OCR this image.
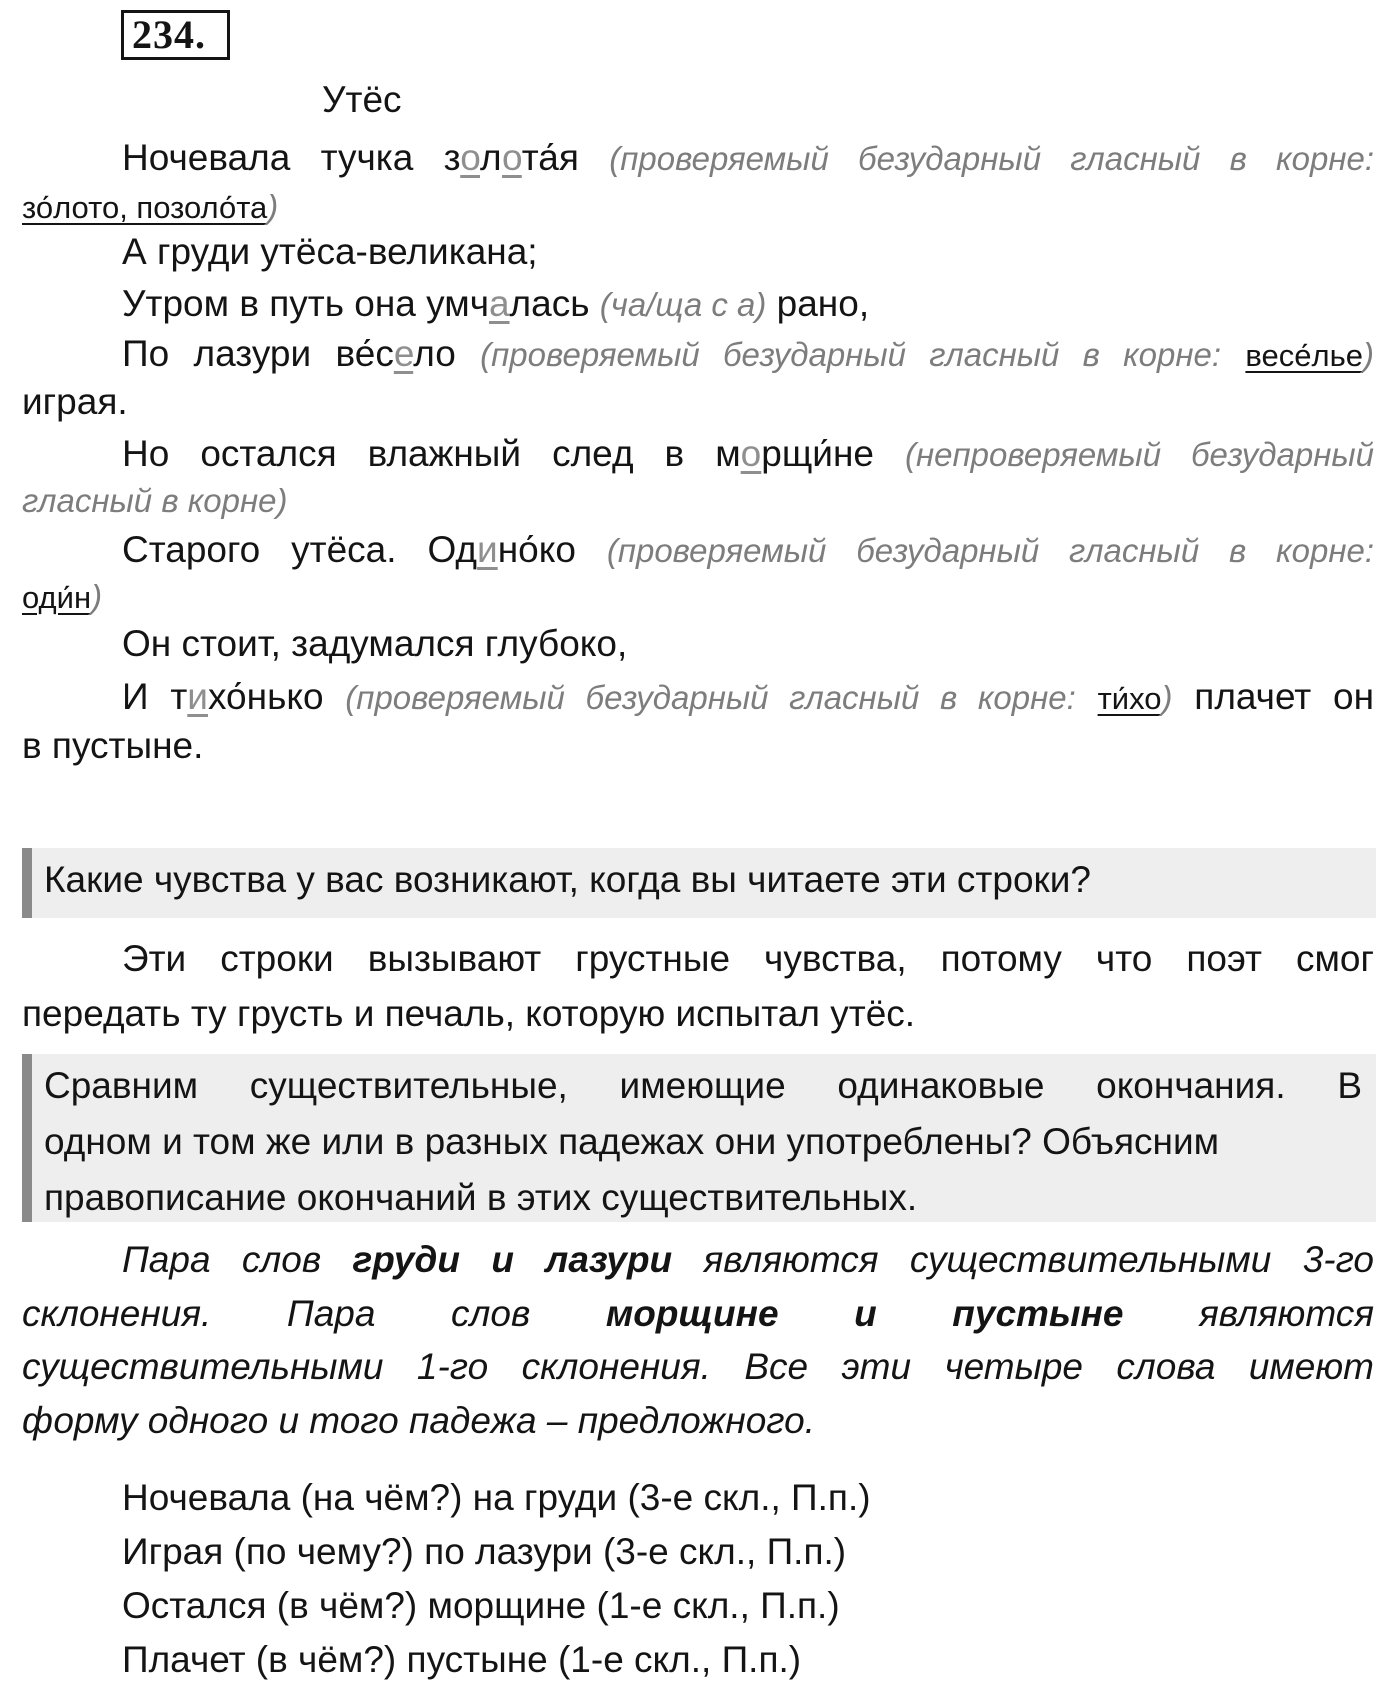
234.
Утёс
Ночевала тучка золота́я (проверяемый безударный гласный в корне:
зо́лото, позоло́та)
А груди утёса-великана;
Утром в путь она умчалась (ча/ща с а) рано,
По лазури ве́село (проверяемый безударный гласный в корне: весе́лье)
играя.
Но остался влажный след в морщи́не (непроверяемый безударный
гласный в корне)
Старого утёса. Одино́ко (проверяемый безударный гласный в корне:
оди́н)
Он стоит, задумался глубоко,
И тихо́нько (проверяемый безударный гласный в корне: ти́хо) плачет он
в пустыне.
Какие чувства у вас возникают, когда вы читаете эти строки?
Эти строки вызывают грустные чувства, потому что поэт смог
передать ту грусть и печаль, которую испытал утёс.
Сравним существительные, имеющие одинаковые окончания. В
одном и том же или в разных падежах они употреблены? Объясним
правописание окончаний в этих существительных.
Пара слов груди и лазури являются существительными 3-го
склонения. Пара слов морщине и пустыне являются
существительными 1-го склонения. Все эти четыре слова имеют
форму одного и того падежа – предложного.
Ночевала (на чём?) на груди (3-е скл., П.п.)
Играя (по чему?) по лазури (3-е скл., П.п.)
Остался (в чём?) морщине (1-е скл., П.п.)
Плачет (в чём?) пустыне (1-е скл., П.п.)
